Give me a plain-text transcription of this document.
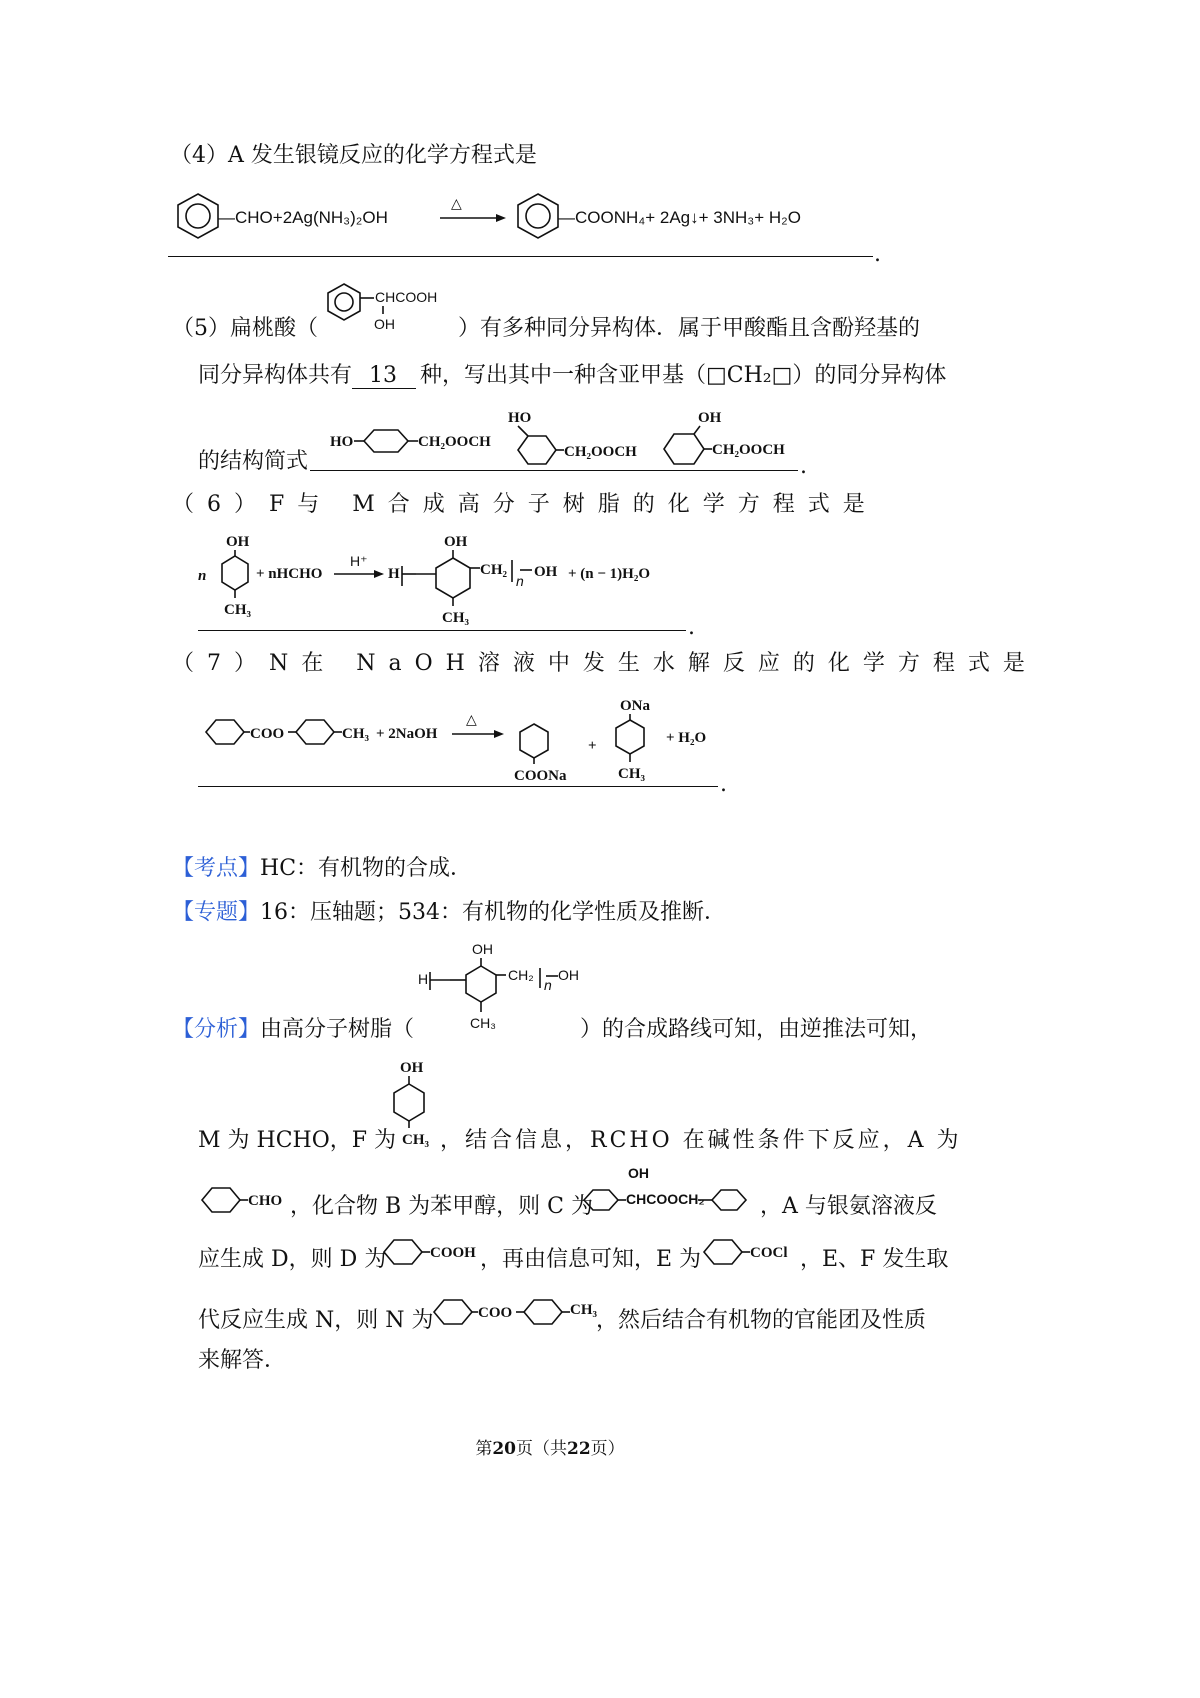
（4）A 发生银镜反应的化学方程式是
—CHO+2Ag(NH₃)₂OH
△
—COONH₄+ 2Ag↓+ 3NH₃+ H₂O
.
CHCOOH
OH
（5）扁桃酸（	）有多种同分异构体．属于甲酸酯且含酚羟基的
同分异构体共有 13	种，写出其中一种含亚甲基（□CH₂□）的同分异构体
的结构简式
HO	CH₂OOCH
HO
CH₂OOCH
OH
CH₂OOCH
.
（6）F与 M合成高分子树脂的化学方程式是
n
OH
CH₃
+ nHCHO
H⁺
H
OH
CH₂
n
OH
CH₃
+ (n − 1)H₂O
.
（7）N在 NaOH溶液中发生水解反应的化学方程式是
COO	CH₃ + 2NaOH
△
COONa
+
ONa
CH₃
+ H₂O
.
【考点】HC：有机物的合成．
【专题】16：压轴题；534：有机物的化学性质及推断．
OH
H	CH₂
n
OH
CH₃
【分析】由高分子树脂（	）的合成路线可知，由逆推法可知，
OH
CH₃
M 为 HCHO，F 为 ，结合信息，RCHO 在碱性条件下反应，A 为
CHO ，化合物 B 为苯甲醇，则 C 为
OH
CHCOOCH₂	，A 与银氨溶液反
应生成 D，则 D 为	COOH ，再由信息可知，E 为	COCl ，E、F 发生取
代反应生成 N，则 N 为	COO	CH₃ ，然后结合有机物的官能团及性质
来解答．
第20页（共22页）
